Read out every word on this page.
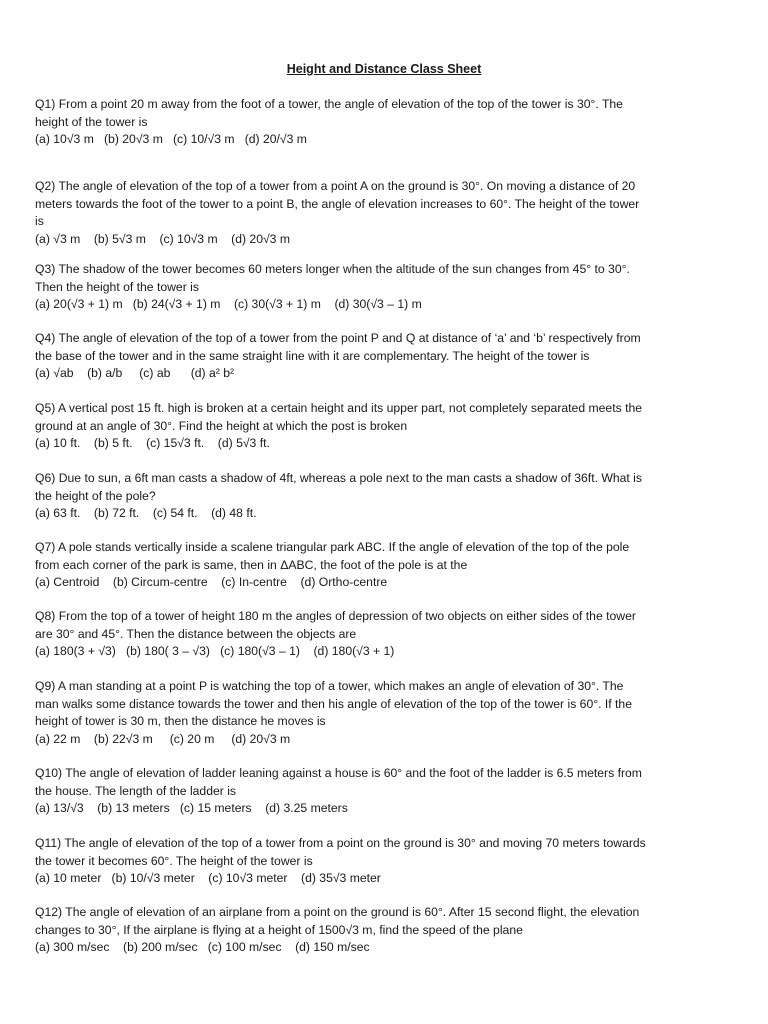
Height and Distance Class Sheet
Q1) From a point 20 m away from the foot of a tower, the angle of elevation of the top of the tower is 30°. The
height of the tower is
(a) 10√3 m   (b) 20√3 m   (c) 10/√3 m   (d) 20/√3 m
Q2) The angle of elevation of the top of a tower from a point A on the ground is 30°. On moving a distance of 20
meters towards the foot of the tower to a point B, the angle of elevation increases to 60°. The height of the tower
is
(a) √3 m    (b) 5√3 m    (c) 10√3 m    (d) 20√3 m
Q3) The shadow of the tower becomes 60 meters longer when the altitude of the sun changes from 45° to 30°.
Then the height of the tower is
(a) 20(√3 + 1) m   (b) 24(√3 + 1) m    (c) 30(√3 + 1) m    (d) 30(√3 – 1) m
Q4) The angle of elevation of the top of a tower from the point P and Q at distance of ‘a’ and ‘b’ respectively from
the base of the tower and in the same straight line with it are complementary. The height of the tower is
(a) √ab    (b) a/b     (c) ab      (d) a² b²
Q5) A vertical post 15 ft. high is broken at a certain height and its upper part, not completely separated meets the
ground at an angle of 30°. Find the height at which the post is broken
(a) 10 ft.    (b) 5 ft.    (c) 15√3 ft.    (d) 5√3 ft.
Q6) Due to sun, a 6ft man casts a shadow of 4ft, whereas a pole next to the man casts a shadow of 36ft. What is
the height of the pole?
(a) 63 ft.    (b) 72 ft.    (c) 54 ft.    (d) 48 ft.
Q7) A pole stands vertically inside a scalene triangular park ABC. If the angle of elevation of the top of the pole
from each corner of the park is same, then in ΔABC, the foot of the pole is at the
(a) Centroid    (b) Circum-centre    (c) In-centre    (d) Ortho-centre
Q8) From the top of a tower of height 180 m the angles of depression of two objects on either sides of the tower
are 30° and 45°. Then the distance between the objects are
(a) 180(3 + √3)   (b) 180( 3 – √3)   (c) 180(√3 – 1)    (d) 180(√3 + 1)
Q9) A man standing at a point P is watching the top of a tower, which makes an angle of elevation of 30°. The
man walks some distance towards the tower and then his angle of elevation of the top of the tower is 60°. If the
height of tower is 30 m, then the distance he moves is
(a) 22 m    (b) 22√3 m     (c) 20 m     (d) 20√3 m
Q10) The angle of elevation of ladder leaning against a house is 60° and the foot of the ladder is 6.5 meters from
the house. The length of the ladder is
(a) 13/√3    (b) 13 meters   (c) 15 meters    (d) 3.25 meters
Q11) The angle of elevation of the top of a tower from a point on the ground is 30° and moving 70 meters towards
the tower it becomes 60°. The height of the tower is
(a) 10 meter   (b) 10/√3 meter    (c) 10√3 meter    (d) 35√3 meter
Q12) The angle of elevation of an airplane from a point on the ground is 60°. After 15 second flight, the elevation
changes to 30°, If the airplane is flying at a height of 1500√3 m, find the speed of the plane
(a) 300 m/sec    (b) 200 m/sec   (c) 100 m/sec    (d) 150 m/sec
